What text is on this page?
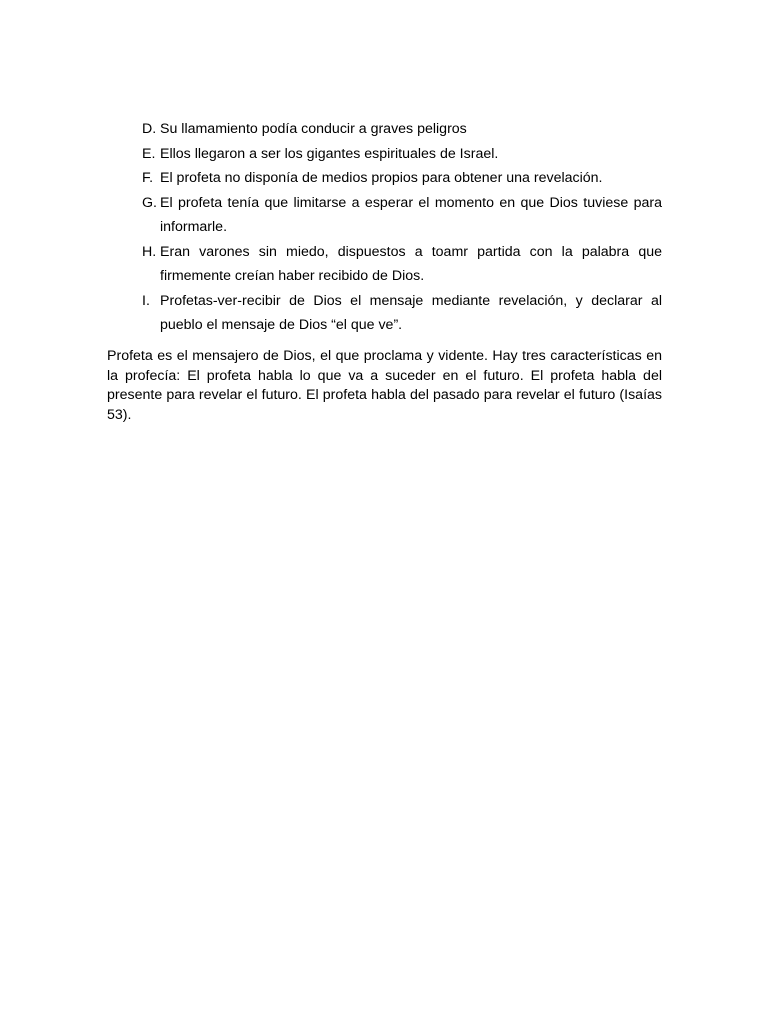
D. Su llamamiento podía conducir a graves peligros
E. Ellos llegaron a ser los gigantes espirituales de Israel.
F. El profeta no disponía de medios propios para obtener una revelación.
G. El profeta tenía que limitarse a esperar el momento en que Dios tuviese para informarle.
H. Eran varones sin miedo, dispuestos a toamr partida con la palabra que firmemente creían haber recibido de Dios.
I. Profetas-ver-recibir de Dios el mensaje mediante revelación, y declarar al pueblo el mensaje de Dios “el que ve”.

Profeta es el mensajero de Dios, el que proclama y vidente. Hay tres características en la profecía: El profeta habla lo que va a suceder en el futuro. El profeta habla del presente para revelar el futuro. El profeta habla del pasado para revelar el futuro (Isaías 53).
